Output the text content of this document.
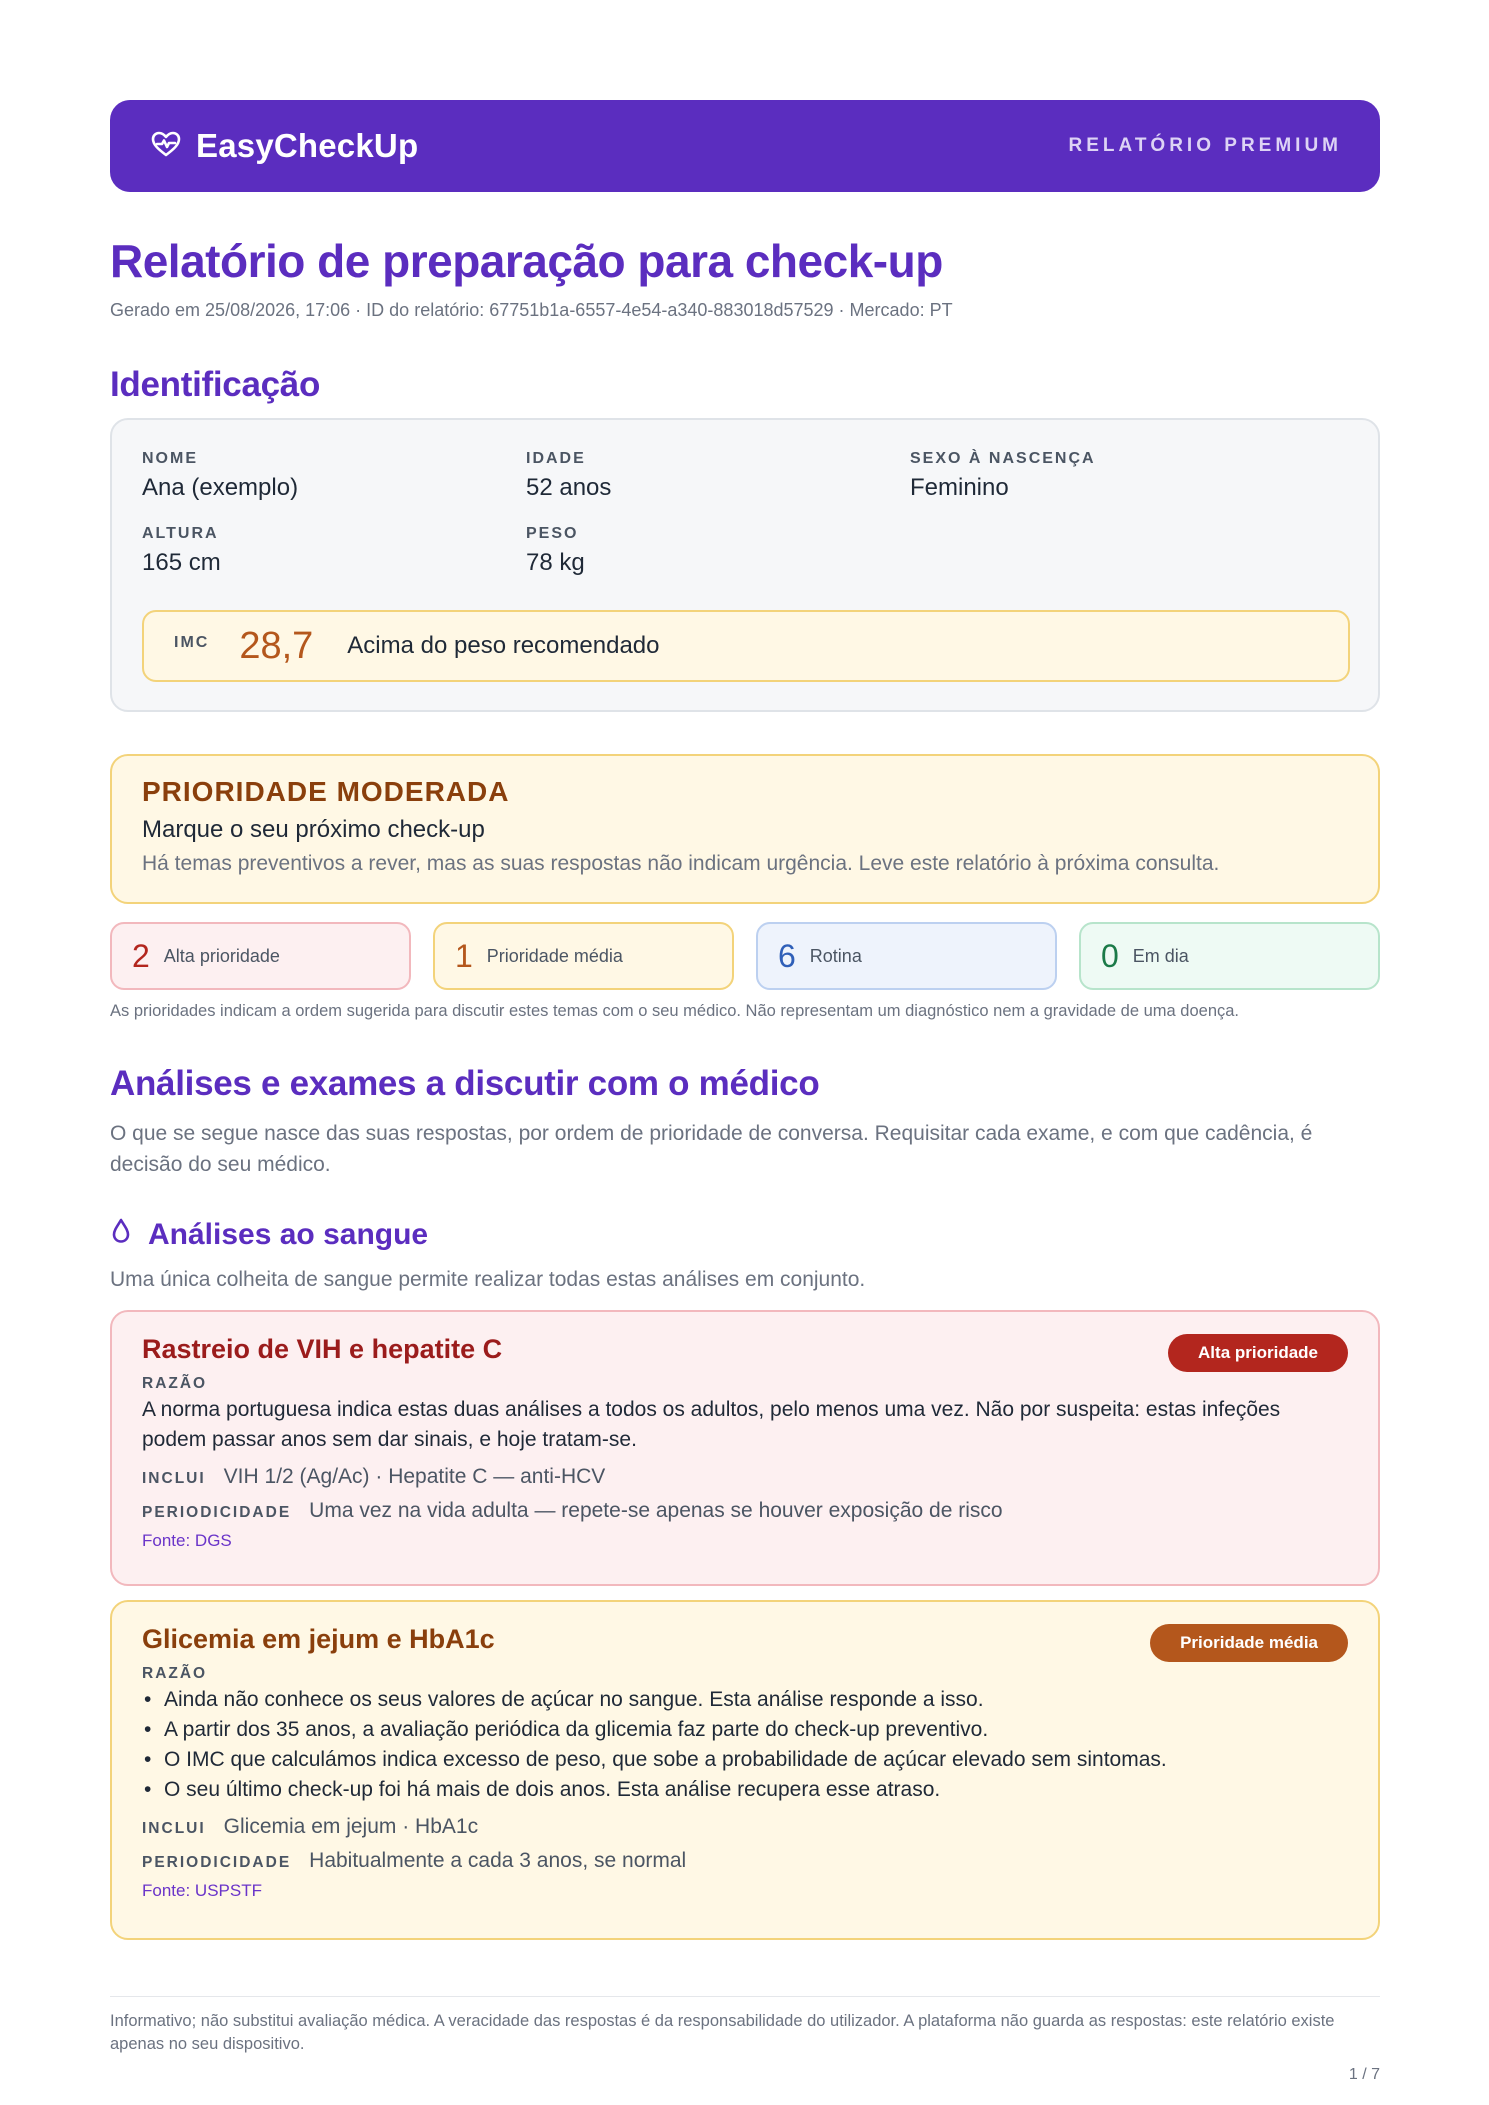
EasyCheckUp	RELATÓRIO PREMIUM
Relatório de preparação para check-up
Gerado em 25/08/2026, 17:06 · ID do relatório: 67751b1a-6557-4e54-a340-883018d57529 · Mercado: PT
Identificação
NOME
Ana (exemplo)
IDADE
52 anos
SEXO À NASCENÇA
Feminino
ALTURA
165 cm
PESO
78 kg
IMC 28,7 Acima do peso recomendado
PRIORIDADE MODERADA
Marque o seu próximo check-up
Há temas preventivos a rever, mas as suas respostas não indicam urgência. Leve este relatório à próxima consulta.
2 Alta prioridade	1 Prioridade média	6 Rotina	0 Em dia
As prioridades indicam a ordem sugerida para discutir estes temas com o seu médico. Não representam um diagnóstico nem a gravidade de uma doença.
Análises e exames a discutir com o médico
O que se segue nasce das suas respostas, por ordem de prioridade de conversa. Requisitar cada exame, e com que cadência, é decisão do seu médico.
Análises ao sangue
Uma única colheita de sangue permite realizar todas estas análises em conjunto.
Rastreio de VIH e hepatite C	Alta prioridade
RAZÃO
A norma portuguesa indica estas duas análises a todos os adultos, pelo menos uma vez. Não por suspeita: estas infeções podem passar anos sem dar sinais, e hoje tratam-se.
INCLUI VIH 1/2 (Ag/Ac) · Hepatite C — anti-HCV
PERIODICIDADE Uma vez na vida adulta — repete-se apenas se houver exposição de risco
Fonte: DGS
Glicemia em jejum e HbA1c	Prioridade média
RAZÃO
• Ainda não conhece os seus valores de açúcar no sangue. Esta análise responde a isso.
• A partir dos 35 anos, a avaliação periódica da glicemia faz parte do check-up preventivo.
• O IMC que calculámos indica excesso de peso, que sobe a probabilidade de açúcar elevado sem sintomas.
• O seu último check-up foi há mais de dois anos. Esta análise recupera esse atraso.
INCLUI Glicemia em jejum · HbA1c
PERIODICIDADE Habitualmente a cada 3 anos, se normal
Fonte: USPSTF
Informativo; não substitui avaliação médica. A veracidade das respostas é da responsabilidade do utilizador. A plataforma não guarda as respostas: este relatório existe apenas no seu dispositivo.
1 / 7
